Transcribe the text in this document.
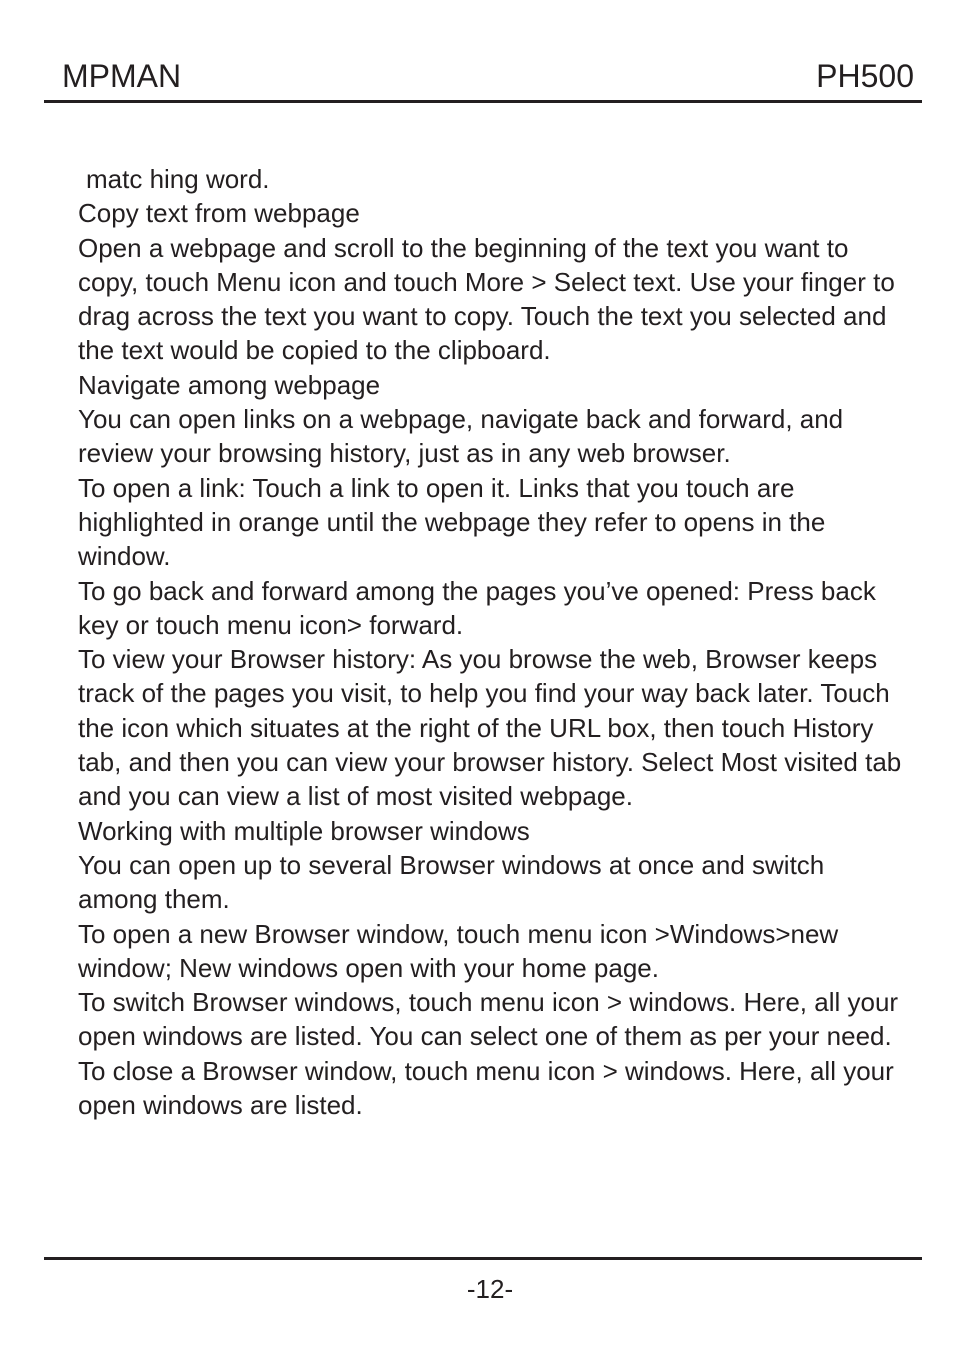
MPMAN	PH500

matc hing word.

Copy text from webpage

Open a webpage and scroll to the beginning of the text you want to copy, touch Menu icon and touch More > Select text. Use your finger to drag across the text you want to copy. Touch the text you selected and the text would be copied to the clipboard.

Navigate among webpage

You can open links on a webpage, navigate back and forward, and review your browsing history, just as in any web browser.

To open a link: Touch a link to open it. Links that you touch are highlighted in orange until the webpage they refer to opens in the window.

To go back and forward among the pages you’ve opened: Press back key or touch menu icon> forward.

To view your Browser history: As you browse the web, Browser keeps track of the pages you visit, to help you find your way back later. Touch the icon which situates at the right of the URL box, then touch History tab, and then you can view your browser history. Select Most visited tab and you can view a list of most visited webpage.

Working with multiple browser windows

You can open up to several Browser windows at once and switch among them.

To open a new Browser window, touch menu icon >Windows>new window; New windows open with your home page.

To switch Browser windows, touch menu icon > windows. Here, all your open windows are listed. You can select one of them as per your need.

To close a Browser window, touch menu icon > windows. Here, all your open windows are listed.

-12-
